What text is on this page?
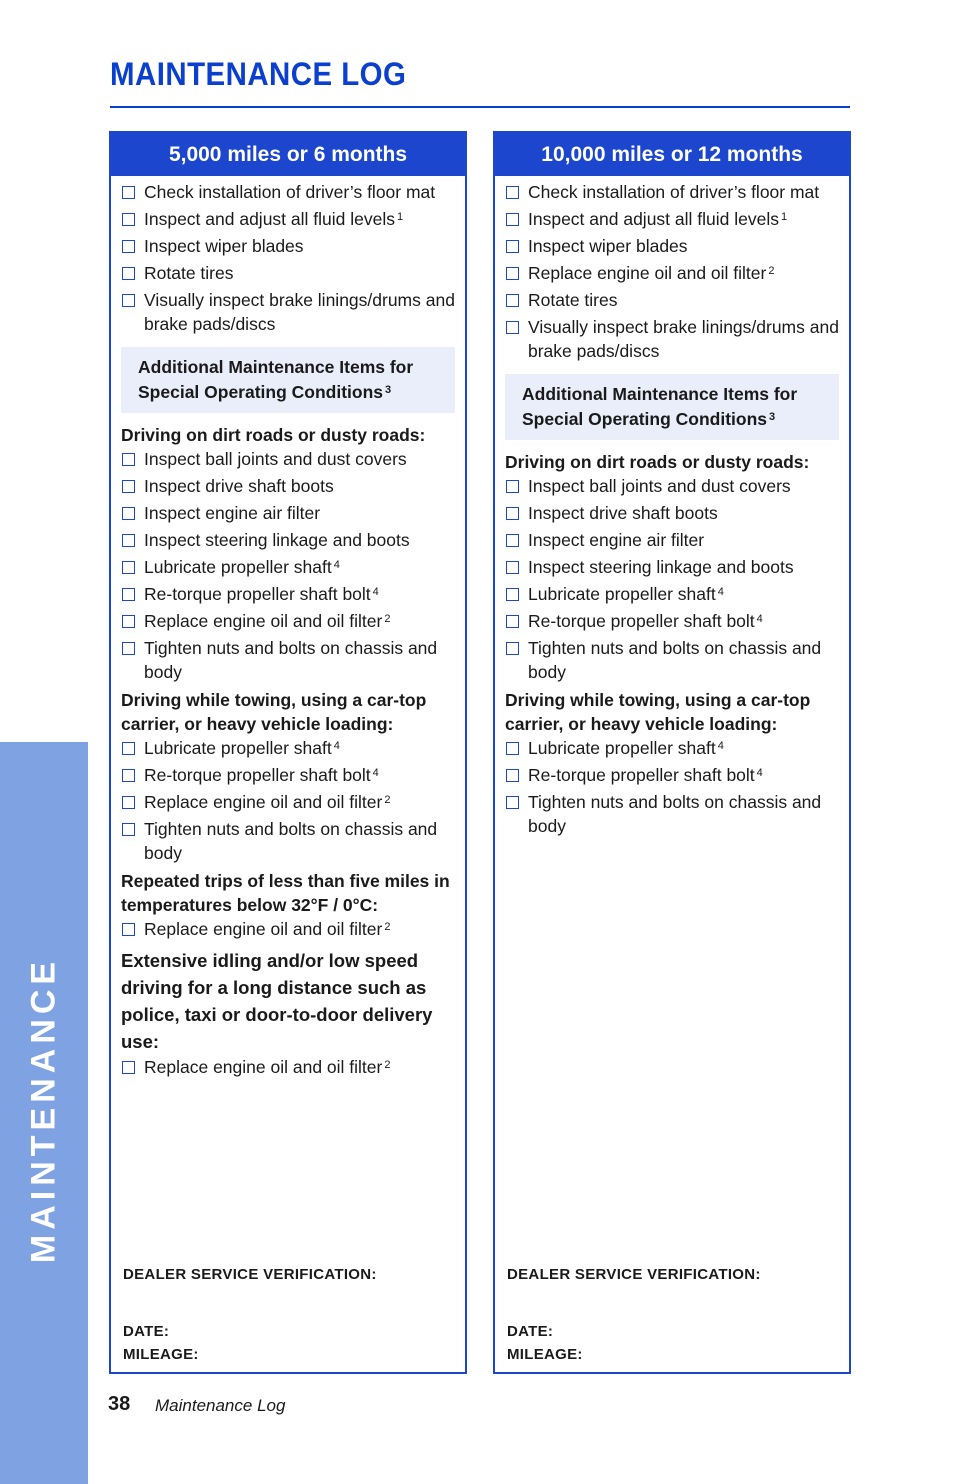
MAINTENANCE
MAINTENANCE LOG
5,000 miles or 6 months
Check installation of driver’s floor mat
Inspect and adjust all fluid levels $^1$
Inspect wiper blades
Rotate tires
Visually inspect brake linings/drums and brake pads/discs
Additional Maintenance Items for Special Operating Conditions $^3$
Driving on dirt roads or dusty roads:
Inspect ball joints and dust covers
Inspect drive shaft boots
Inspect engine air filter
Inspect steering linkage and boots
Lubricate propeller shaft $^4$
Re-torque propeller shaft bolt $^4$
Replace engine oil and oil filter $^2$
Tighten nuts and bolts on chassis and body
Driving while towing, using a car-top carrier, or heavy vehicle loading:
Lubricate propeller shaft $^4$
Re-torque propeller shaft bolt $^4$
Replace engine oil and oil filter $^2$
Tighten nuts and bolts on chassis and body
Repeated trips of less than five miles in temperatures below 32°F / 0°C:
Replace engine oil and oil filter $^2$
Extensive idling and/or low speed driving for a long distance such as police, taxi or door-to-door delivery use:
Replace engine oil and oil filter $^2$
DEALER SERVICE VERIFICATION:
DATE:
MILEAGE:
10,000 miles or 12 months
Check installation of driver’s floor mat
Inspect and adjust all fluid levels $^1$
Inspect wiper blades
Replace engine oil and oil filter $^2$
Rotate tires
Visually inspect brake linings/drums and brake pads/discs
Additional Maintenance Items for Special Operating Conditions $^3$
Driving on dirt roads or dusty roads:
Inspect ball joints and dust covers
Inspect drive shaft boots
Inspect engine air filter
Inspect steering linkage and boots
Lubricate propeller shaft $^4$
Re-torque propeller shaft bolt $^4$
Tighten nuts and bolts on chassis and body
Driving while towing, using a car-top carrier, or heavy vehicle loading:
Lubricate propeller shaft $^4$
Re-torque propeller shaft bolt $^4$
Tighten nuts and bolts on chassis and body
DEALER SERVICE VERIFICATION:
DATE:
MILEAGE:
38 Maintenance Log
